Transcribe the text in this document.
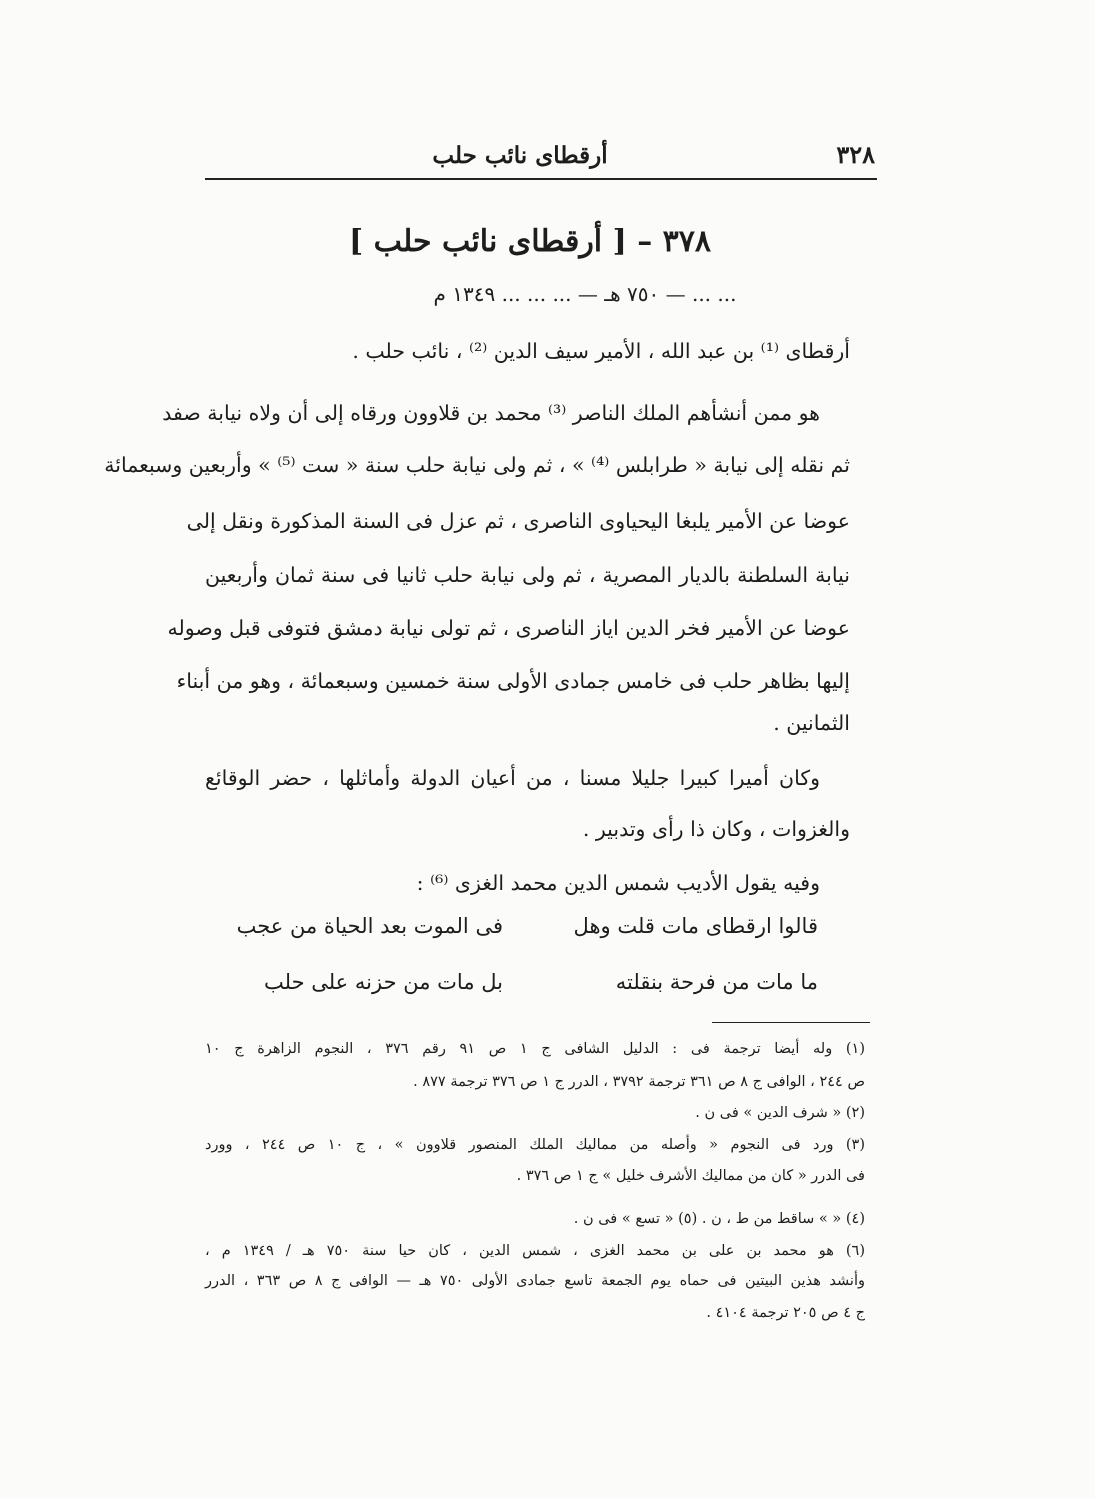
٣٢٨
أرقطاى نائب حلب
٣٧٨ – [ أرقطاى نائب حلب ]
... ... — ٧٥٠ هـ — ... ... ... ١٣٤٩ م
أرقطاى ⁽¹⁾ بن عبد الله ، الأمير سيف الدين ⁽²⁾ ، نائب حلب .
هو ممن أنشأهم الملك الناصر ⁽³⁾ محمد بن قلاوون ورقاه إلى أن ولاه نيابة صفد
ثم نقله إلى نيابة « طرابلس ⁽⁴⁾ » ، ثم ولى نيابة حلب سنة « ست ⁽⁵⁾ » وأربعين وسبعمائة
عوضا عن الأمير يلبغا اليحياوى الناصرى ، ثم عزل فى السنة المذكورة ونقل إلى
نيابة السلطنة بالديار المصرية ، ثم ولى نيابة حلب ثانيا فى سنة ثمان وأربعين
عوضا عن الأمير فخر الدين اياز الناصرى ، ثم تولى نيابة دمشق فتوفى قبل وصوله
إليها بظاهر حلب فى خامس جمادى الأولى سنة خمسين وسبعمائة ، وهو من أبناء
الثمانين .
وكان أميرا كبيرا جليلا مسنا ، من أعيان الدولة وأماثلها ، حضر الوقائع
والغزوات ، وكان ذا رأى وتدبير .
وفيه يقول الأديب شمس الدين محمد الغزى ⁽⁶⁾ :
قالوا ارقطاى مات قلت وهل
فى الموت بعد الحياة من عجب
ما مات من فرحة بنقلته
بل مات من حزنه على حلب
(١) وله أيضا ترجمة فى : الدليل الشافى ج ١ ص ٩١ رقم ٣٧٦ ، النجوم الزاهرة ج ١٠
ص ٢٤٤ ، الوافى ج ٨ ص ٣٦١ ترجمة ٣٧٩٢ ، الدرر ج ١ ص ٣٧٦ ترجمة ٨٧٧ .
(٢) « شرف الدين » فى ن .
(٣) ورد فى النجوم « وأصله من مماليك الملك المنصور قلاوون » ، ج ١٠ ص ٢٤٤ ، وورد
فى الدرر « كان من مماليك الأشرف خليل » ج ١ ص ٣٧٦ .
(٤) « » ساقط من ط ، ن . (٥) « تسع » فى ن .
(٦) هو محمد بن على بن محمد الغزى ، شمس الدين ، كان حيا سنة ٧٥٠ هـ / ١٣٤٩ م ،
وأنشد هذين البيتين فى حماه يوم الجمعة تاسع جمادى الأولى ٧٥٠ هـ — الوافى ج ٨ ص ٣٦٣ ، الدرر
ج ٤ ص ٢٠٥ ترجمة ٤١٠٤ .
